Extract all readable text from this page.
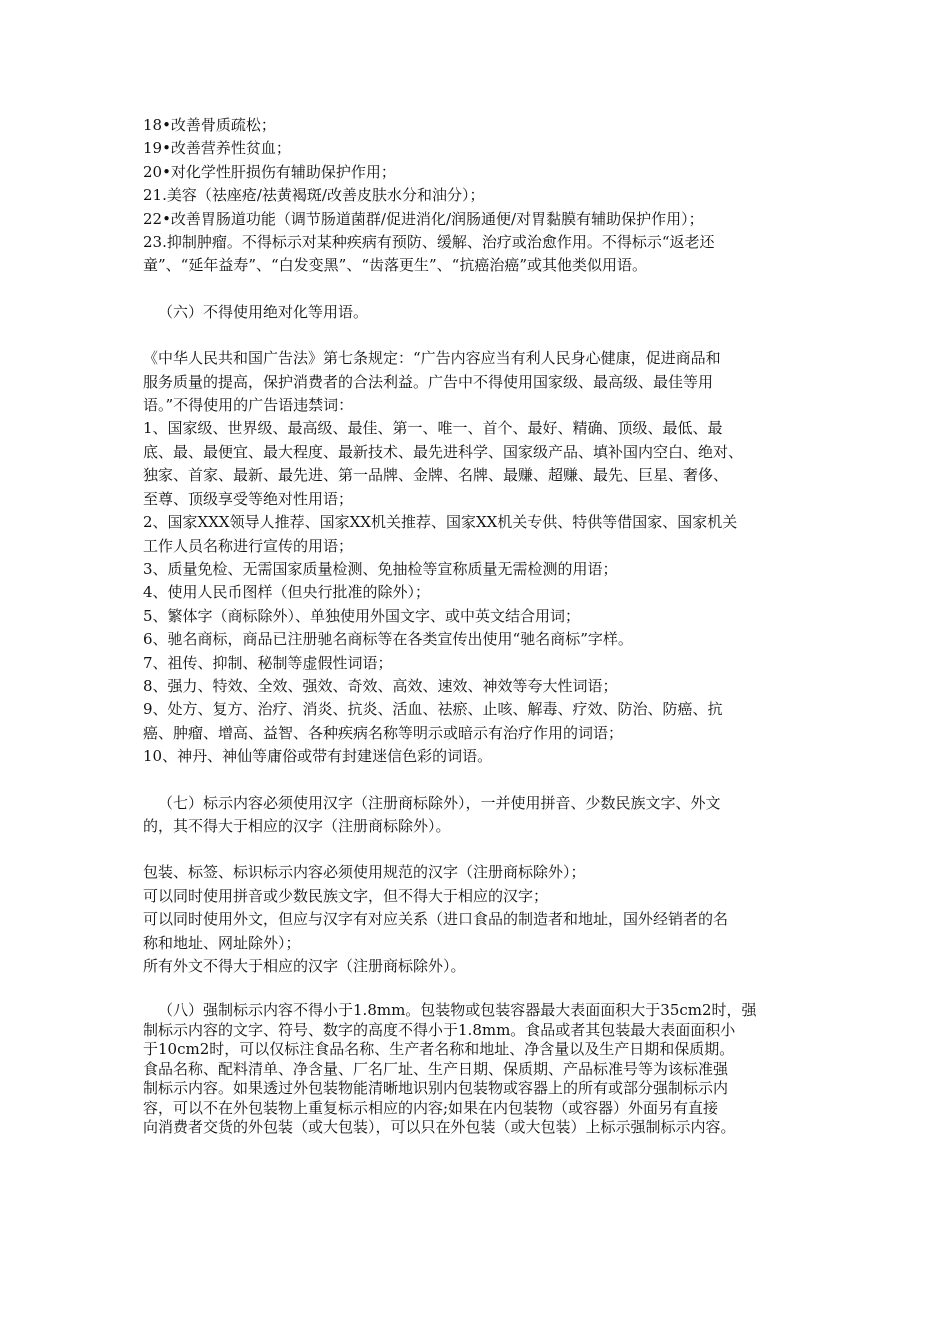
18•改善骨质疏松；
19•改善营养性贫血；
20•对化学性肝损伤有辅助保护作用；
21.美容（祛座疮/祛黄褐斑/改善皮肤水分和油分）；
22•改善胃肠道功能（调节肠道菌群/促进消化/润肠通便/对胃黏膜有辅助保护作用）；
23.抑制肿瘤。不得标示对某种疾病有预防、缓解、治疗或治愈作用。不得标示“返老还
童”、“延年益寿”、“白发变黑”、“齿落更生”、“抗癌治癌”或其他类似用语。
（六）不得使用绝对化等用语。
《中华人民共和国广告法》第七条规定：“广告内容应当有利人民身心健康，促进商品和
服务质量的提高，保护消费者的合法利益。广告中不得使用国家级、最高级、最佳等用
语。”不得使用的广告语违禁词：
1、国家级、世界级、最高级、最佳、第一、唯一、首个、最好、精确、顶级、最低、最
底、最、最便宜、最大程度、最新技术、最先进科学、国家级产品、填补国内空白、绝对、
独家、首家、最新、最先进、第一品牌、金牌、名牌、最赚、超赚、最先、巨星、奢侈、
至尊、顶级享受等绝对性用语；
2、国家XXX领导人推荐、国家XX机关推荐、国家XX机关专供、特供等借国家、国家机关
工作人员名称进行宣传的用语；
3、质量免检、无需国家质量检测、免抽检等宣称质量无需检测的用语；
4、使用人民币图样（但央行批准的除外）；
5、繁体字（商标除外）、单独使用外国文字、或中英文结合用词；
6、驰名商标，商品已注册驰名商标等在各类宣传出使用“驰名商标”字样。
7、祖传、抑制、秘制等虚假性词语；
8、强力、特效、全效、强效、奇效、高效、速效、神效等夸大性词语；
9、处方、复方、治疗、消炎、抗炎、活血、祛瘀、止咳、解毒、疗效、防治、防癌、抗
癌、肿瘤、增高、益智、各种疾病名称等明示或暗示有治疗作用的词语；
10、神丹、神仙等庸俗或带有封建迷信色彩的词语。
（七）标示内容必须使用汉字（注册商标除外），一并使用拼音、少数民族文字、外文
的，其不得大于相应的汉字（注册商标除外）。
包装、标签、标识标示内容必须使用规范的汉字（注册商标除外）；
可以同时使用拼音或少数民族文字，但不得大于相应的汉字；
可以同时使用外文，但应与汉字有对应关系（进口食品的制造者和地址，国外经销者的名
称和地址、网址除外）；
所有外文不得大于相应的汉字（注册商标除外）。
（八）强制标示内容不得小于1.8mm。包装物或包装容器最大表面面积大于35cm2时，强
制标示内容的文字、符号、数字的高度不得小于1.8mm。食品或者其包装最大表面面积小
于10cm2时，可以仅标注食品名称、生产者名称和地址、净含量以及生产日期和保质期。
食品名称、配料清单、净含量、厂名厂址、生产日期、保质期、产品标准号等为该标准强
制标示内容。如果透过外包装物能清晰地识别内包装物或容器上的所有或部分强制标示内
容，可以不在外包装物上重复标示相应的内容;如果在内包装物（或容器）外面另有直接
向消费者交货的外包装（或大包装），可以只在外包装（或大包装）上标示强制标示内容。
